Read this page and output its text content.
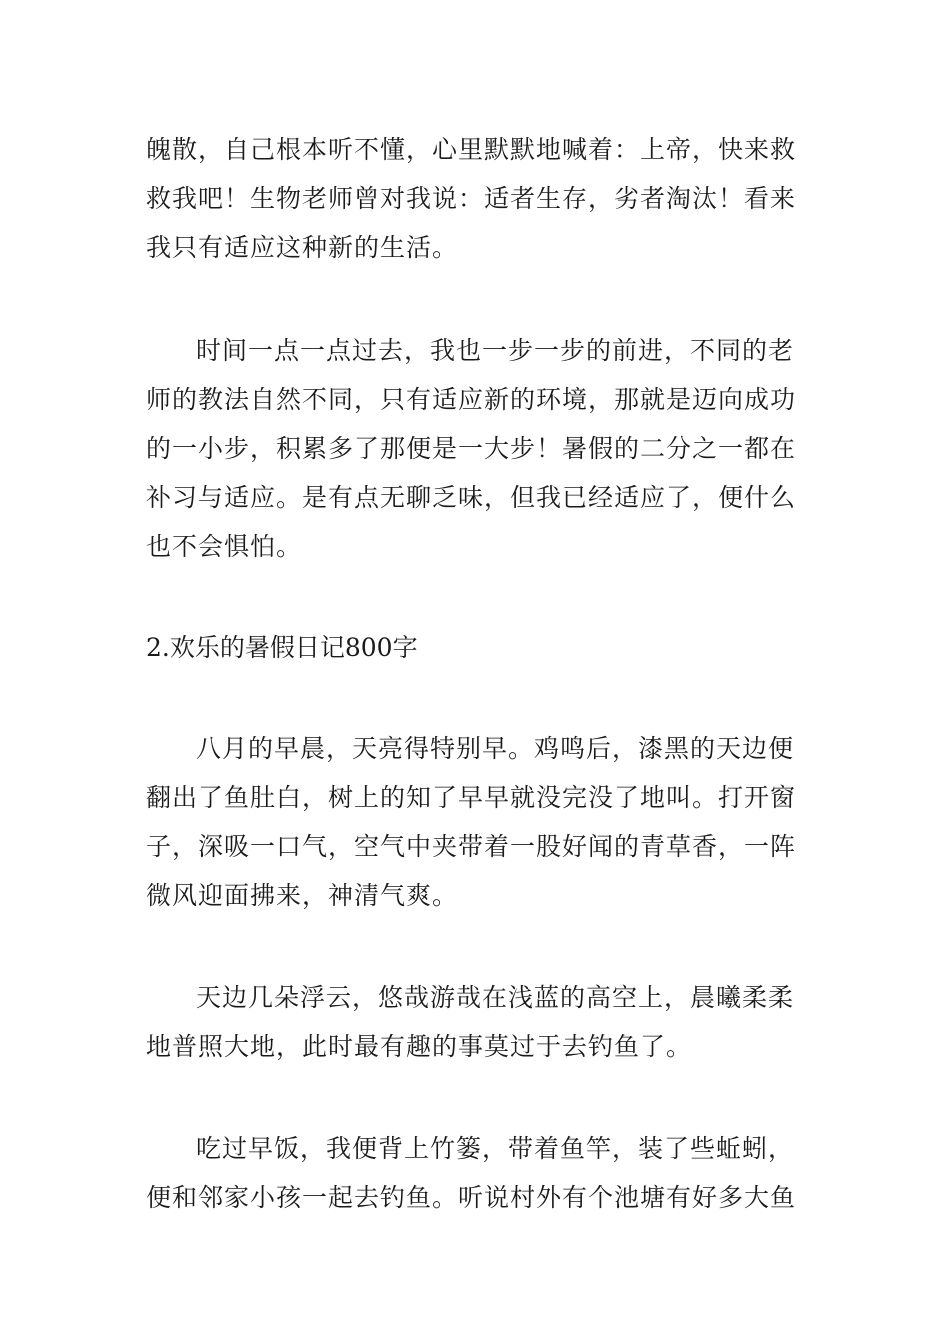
魄散，自己根本听不懂，心里默默地喊着：上帝，快来救
救我吧！生物老师曾对我说：适者生存，劣者淘汰！看来
我只有适应这种新的生活。
时间一点一点过去，我也一步一步的前进，不同的老
师的教法自然不同，只有适应新的环境，那就是迈向成功
的一小步，积累多了那便是一大步！暑假的二分之一都在
补习与适应。是有点无聊乏味，但我已经适应了，便什么
也不会惧怕。
2.欢乐的暑假日记800字
八月的早晨，天亮得特别早。鸡鸣后，漆黑的天边便
翻出了鱼肚白，树上的知了早早就没完没了地叫。打开窗
子，深吸一口气，空气中夹带着一股好闻的青草香，一阵
微风迎面拂来，神清气爽。
天边几朵浮云，悠哉游哉在浅蓝的高空上，晨曦柔柔
地普照大地，此时最有趣的事莫过于去钓鱼了。
吃过早饭，我便背上竹篓，带着鱼竿，装了些蚯蚓，
便和邻家小孩一起去钓鱼。听说村外有个池塘有好多大鱼
